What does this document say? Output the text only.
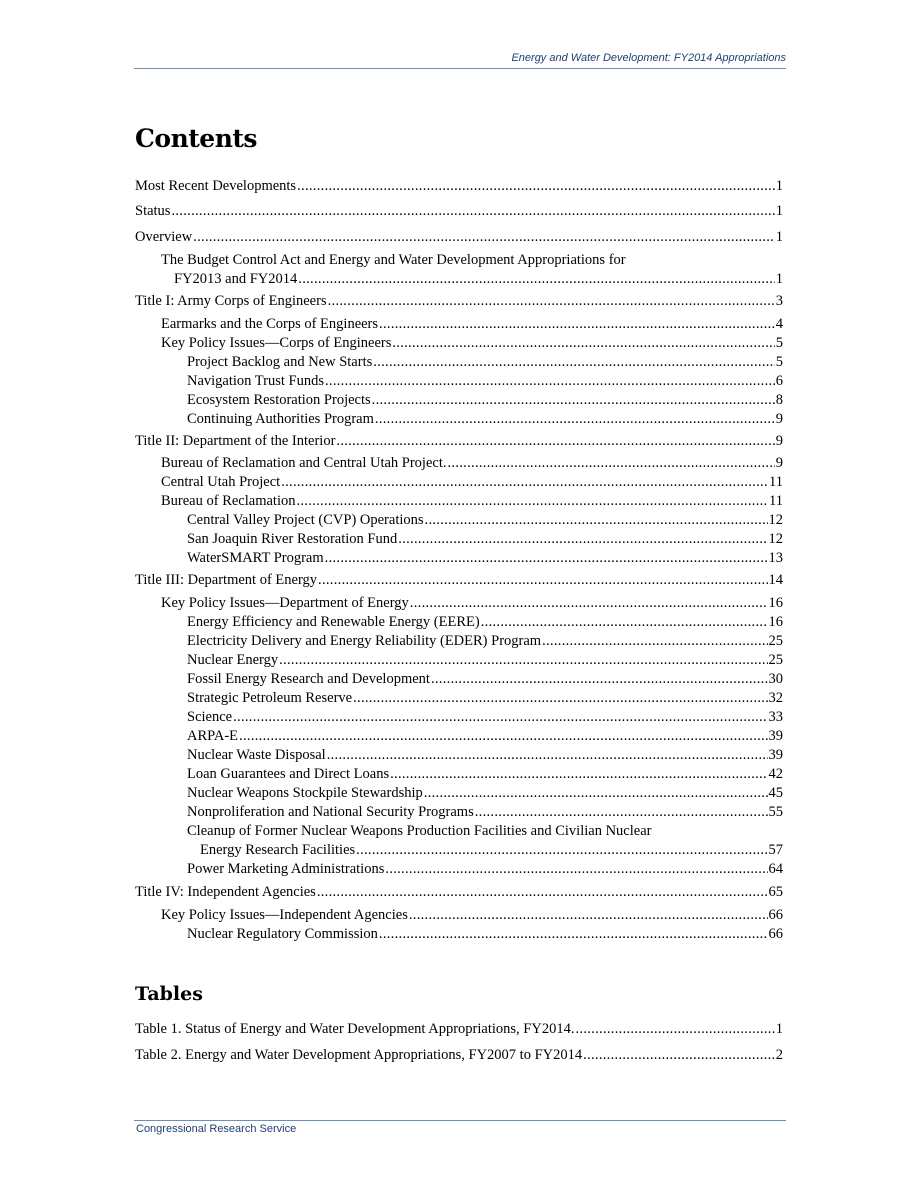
Energy and Water Development: FY2014 Appropriations
Contents
Most Recent Developments .....	1
Status .....	1
Overview .....	1
The Budget Control Act and Energy and Water Development Appropriations for
FY2013 and FY2014 .....	1
Title I: Army Corps of Engineers .....	3
Earmarks and the Corps of Engineers .....	4
Key Policy Issues—Corps of Engineers .....	5
Project Backlog and New Starts .....	5
Navigation Trust Funds .....	6
Ecosystem Restoration Projects .....	8
Continuing Authorities Program .....	9
Title II: Department of the Interior .....	9
Bureau of Reclamation and Central Utah Project. .....	9
Central Utah Project .....	11
Bureau of Reclamation .....	11
Central Valley Project (CVP) Operations .....	12
San Joaquin River Restoration Fund .....	12
WaterSMART Program .....	13
Title III: Department of Energy .....	14
Key Policy Issues—Department of Energy .....	16
Energy Efficiency and Renewable Energy (EERE) .....	16
Electricity Delivery and Energy Reliability (EDER) Program .....	25
Nuclear Energy .....	25
Fossil Energy Research and Development .....	30
Strategic Petroleum Reserve .....	32
Science .....	33
ARPA-E .....	39
Nuclear Waste Disposal .....	39
Loan Guarantees and Direct Loans .....	42
Nuclear Weapons Stockpile Stewardship .....	45
Nonproliferation and National Security Programs .....	55
Cleanup of Former Nuclear Weapons Production Facilities and Civilian Nuclear
Energy Research Facilities .....	57
Power Marketing Administrations .....	64
Title IV: Independent Agencies .....	65
Key Policy Issues—Independent Agencies .....	66
Nuclear Regulatory Commission .....	66
Tables
Table 1. Status of Energy and Water Development Appropriations, FY2014. .....	1
Table 2. Energy and Water Development Appropriations, FY2007 to FY2014 .....	2
Congressional Research Service
